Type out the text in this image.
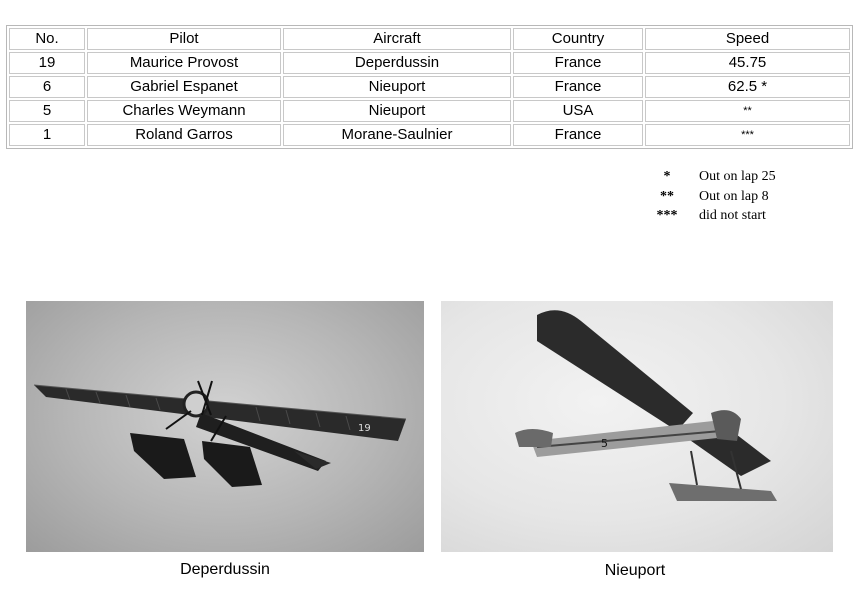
No.	Pilot	Aircraft	Country	Speed
19	Maurice Provost	Deperdussin	France	45.75
6	Gabriel Espanet	Nieuport	France	62.5 *
5	Charles Weymann	Nieuport	USA	**
1	Roland Garros	Morane-Saulnier	France	***
*	Out on lap 25
**	Out on lap 8
***	did not start
19
Deperdussin
5
Nieuport
